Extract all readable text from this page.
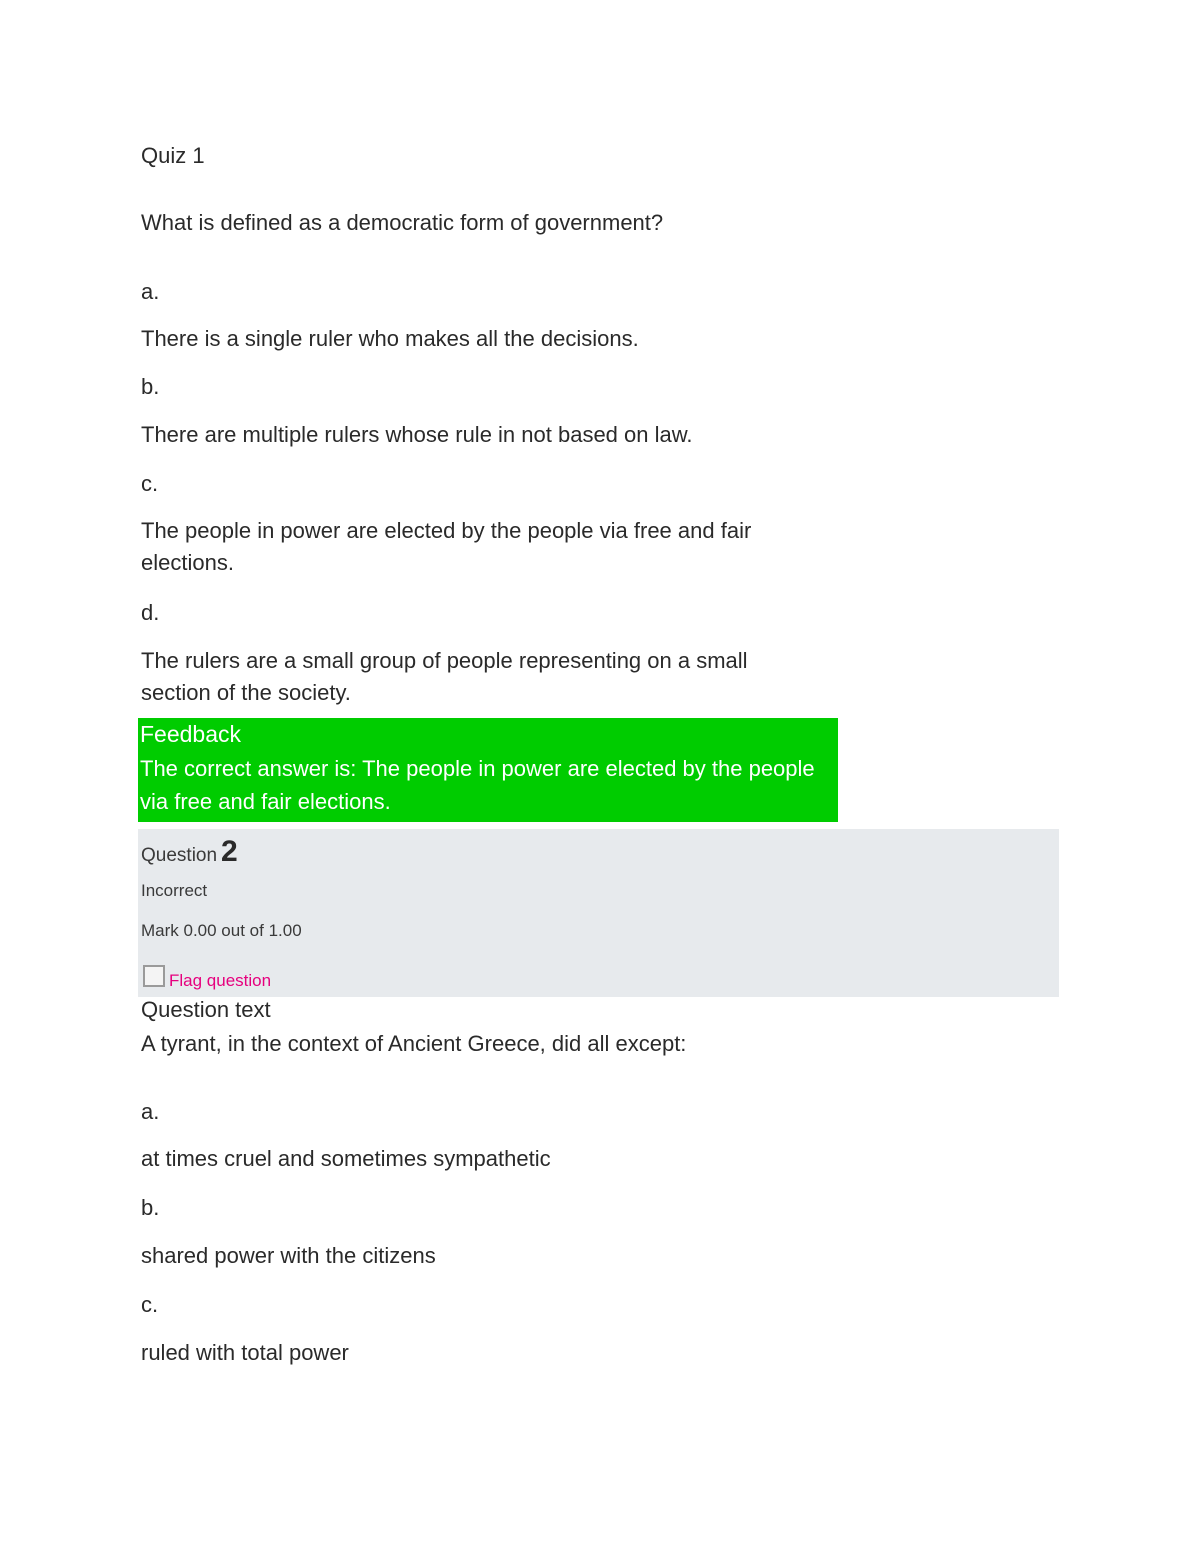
Quiz 1
What is defined as a democratic form of government?
a.
There is a single ruler who makes all the decisions.
b.
There are multiple rulers whose rule in not based on law.
c.
The people in power are elected by the people via free and fair elections.
d.
The rulers are a small group of people representing on a small section of the society.
Feedback
The correct answer is: The people in power are elected by the people via free and fair elections.
Question 2
Incorrect
Mark 0.00 out of 1.00
Flag question
Question text
A tyrant, in the context of Ancient Greece, did all except:
a.
at times cruel and sometimes sympathetic
b.
shared power with the citizens
c.
ruled with total power
